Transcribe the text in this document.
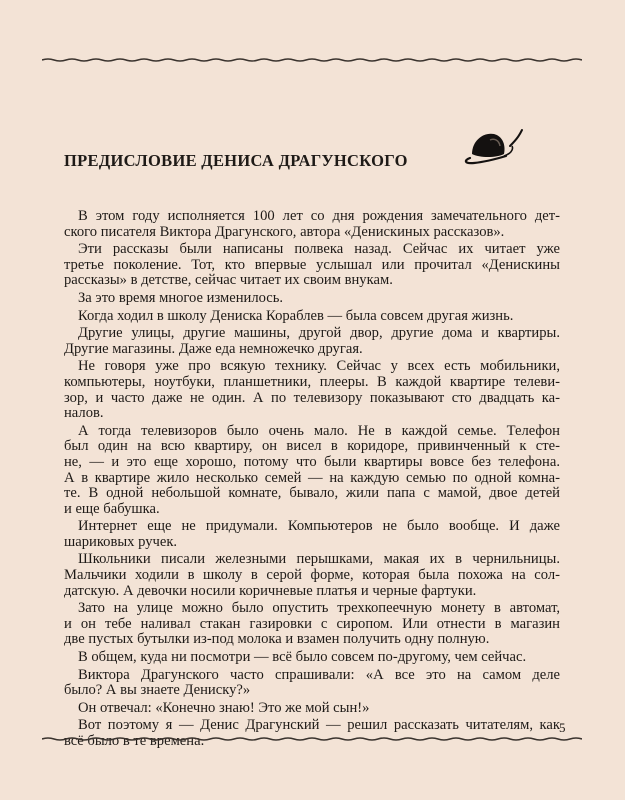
ПРЕДИСЛОВИЕ ДЕНИСА ДРАГУНСКОГО
В этом году исполняется 100 лет со дня рождения замечательного дет-
ского писателя Виктора Драгунского, автора «Денискиных рассказов».
Эти рассказы были написаны полвека назад. Сейчас их читает уже
третье поколение. Тот, кто впервые услышал или прочитал «Денискины
рассказы» в детстве, сейчас читает их своим внукам.
За это время многое изменилось.
Когда ходил в школу Дениска Кораблев — была совсем другая жизнь.
Другие улицы, другие машины, другой двор, другие дома и квартиры.
Другие магазины. Даже еда немножечко другая.
Не говоря уже про всякую технику. Сейчас у всех есть мобильники,
компьютеры, ноутбуки, планшетники, плееры. В каждой квартире телеви-
зор, и часто даже не один. А по телевизору показывают сто двадцать ка-
налов.
А тогда телевизоров было очень мало. Не в каждой семье. Телефон
был один на всю квартиру, он висел в коридоре, привинченный к сте-
не, — и это еще хорошо, потому что были квартиры вовсе без телефона.
А в квартире жило несколько семей — на каждую семью по одной комна-
те. В одной небольшой комнате, бывало, жили папа с мамой, двое детей
и еще бабушка.
Интернет еще не придумали. Компьютеров не было вообще. И даже
шариковых ручек.
Школьники писали железными перышками, макая их в чернильницы.
Мальчики ходили в школу в серой форме, которая была похожа на сол-
датскую. А девочки носили коричневые платья и черные фартуки.
Зато на улице можно было опустить трехкопеечную монету в автомат,
и он тебе наливал стакан газировки с сиропом. Или отнести в магазин
две пустых бутылки из-под молока и взамен получить одну полную.
В общем, куда ни посмотри — всё было совсем по-другому, чем сейчас.
Виктора Драгунского часто спрашивали: «А все это на самом деле
было? А вы знаете Дениску?»
Он отвечал: «Конечно знаю! Это же мой сын!»
Вот поэтому я — Денис Драгунский — решил рассказать читателям, как
всё было в те времена.
5
